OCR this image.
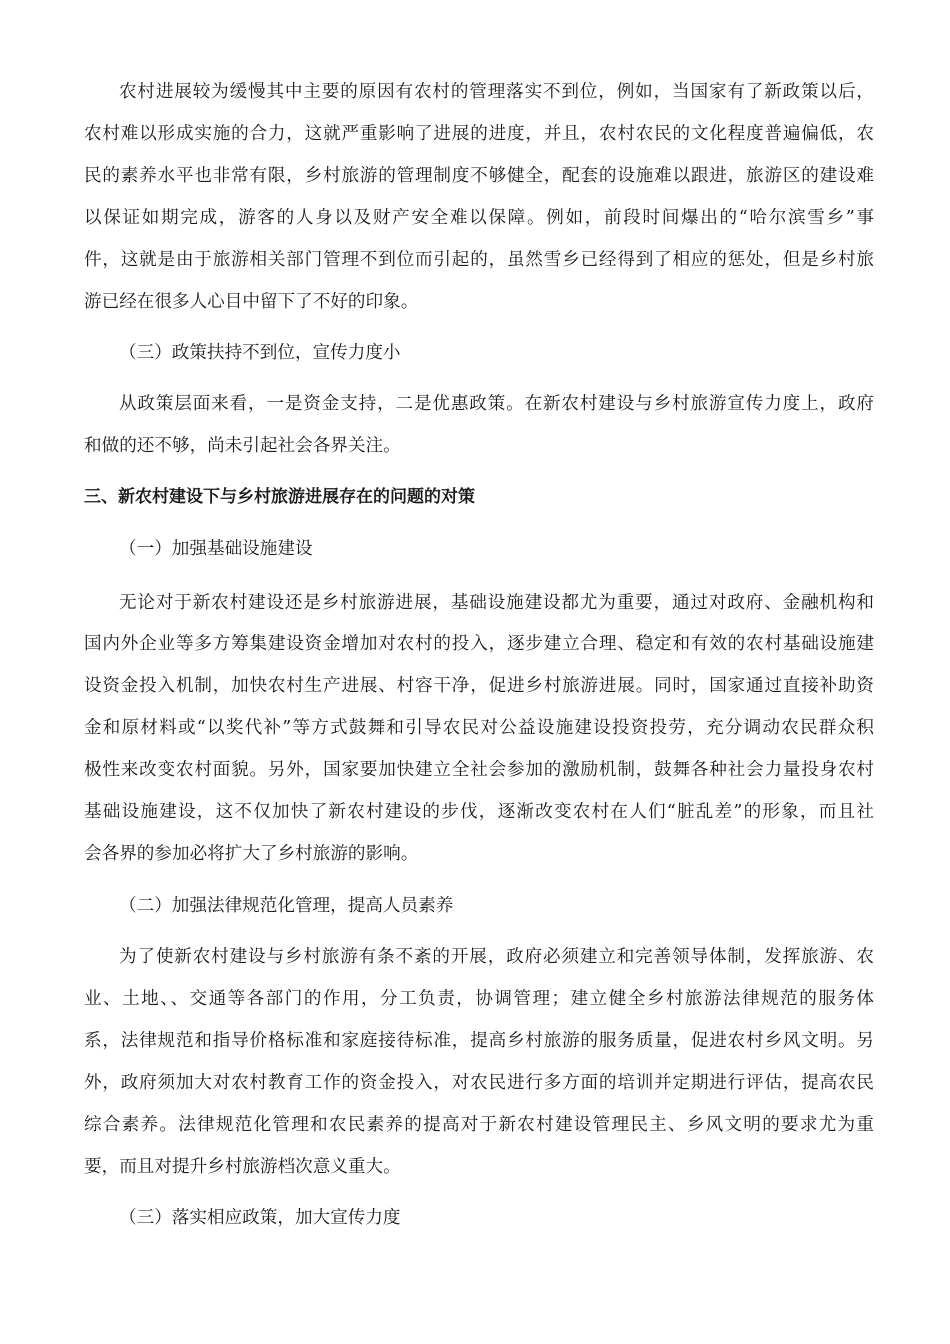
农村进展较为缓慢其中主要的原因有农村的管理落实不到位，例如，当国家有了新政策以后，
农村难以形成实施的合力，这就严重影响了进展的进度，并且，农村农民的文化程度普遍偏低，农
民的素养水平也非常有限，乡村旅游的管理制度不够健全，配套的设施难以跟进，旅游区的建设难
以保证如期完成，游客的人身以及财产安全难以保障。例如，前段时间爆出的“哈尔滨雪乡”事
件，这就是由于旅游相关部门管理不到位而引起的，虽然雪乡已经得到了相应的惩处，但是乡村旅
游已经在很多人心目中留下了不好的印象。
（三）政策扶持不到位，宣传力度小
从政策层面来看，一是资金支持，二是优惠政策。在新农村建设与乡村旅游宣传力度上，政府
和做的还不够，尚未引起社会各界关注。
三、新农村建设下与乡村旅游进展存在的问题的对策
（一）加强基础设施建设
无论对于新农村建设还是乡村旅游进展，基础设施建设都尤为重要，通过对政府、金融机构和
国内外企业等多方筹集建设资金增加对农村的投入，逐步建立合理、稳定和有效的农村基础设施建
设资金投入机制，加快农村生产进展、村容干净，促进乡村旅游进展。同时，国家通过直接补助资
金和原材料或“以奖代补”等方式鼓舞和引导农民对公益设施建设投资投劳，充分调动农民群众积
极性来改变农村面貌。另外，国家要加快建立全社会参加的激励机制，鼓舞各种社会力量投身农村
基础设施建设，这不仅加快了新农村建设的步伐，逐渐改变农村在人们“脏乱差”的形象，而且社
会各界的参加必将扩大了乡村旅游的影响。
（二）加强法律规范化管理，提高人员素养
为了使新农村建设与乡村旅游有条不紊的开展，政府必须建立和完善领导体制，发挥旅游、农
业、土地、、交通等各部门的作用，分工负责，协调管理；建立健全乡村旅游法律规范的服务体
系，法律规范和指导价格标准和家庭接待标准，提高乡村旅游的服务质量，促进农村乡风文明。另
外，政府须加大对农村教育工作的资金投入，对农民进行多方面的培训并定期进行评估，提高农民
综合素养。法律规范化管理和农民素养的提高对于新农村建设管理民主、乡风文明的要求尤为重
要，而且对提升乡村旅游档次意义重大。
（三）落实相应政策，加大宣传力度
